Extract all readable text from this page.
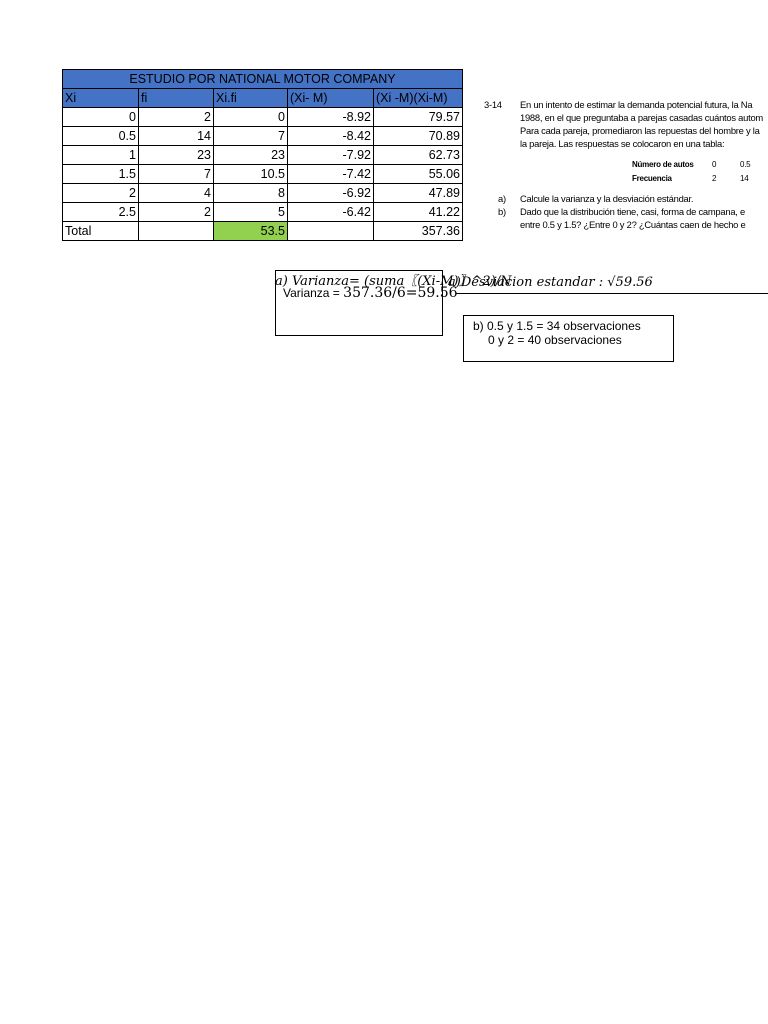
ESTUDIO POR NATIONAL MOTOR COMPANY				
Xi	fi	Xi.fi	(Xi- M)	(Xi -M)(Xi-M)
0	2	0	-8.92	79.57
0.5	14	7	-8.42	70.89
1	23	23	-7.92	62.73
1.5	7	10.5	-7.42	55.06
2	4	8	-6.92	47.89
2.5	2	5	-6.42	41.22
Total		53.5		357.36
3-14 En un intento de estimar la demanda potencial futura, la Na
1988, en el que preguntaba a parejas casadas cuántos autom
Para cada pareja, promediaron las repuestas del hombre y la
la pareja. Las respuestas se colocaron en una tabla:
Número de autos 0	0.5
Frecuencia	2	14
a) Calcule la varianza y la desviación estándar.
b) Dado que la distribución tiene, casi, forma de campana, e
entre 0.5 y 1.5? ¿Entre 0 y 2? ¿Cuántas caen de hecho e
a) Varianza= (suma〖(Xi-M)〗^2)/N
Varianza = 357.36/6=59.56
a)Desviacion estandar : √59.56
b) 0.5 y 1.5 = 34 observaciones
0 y 2 = 40 observaciones
